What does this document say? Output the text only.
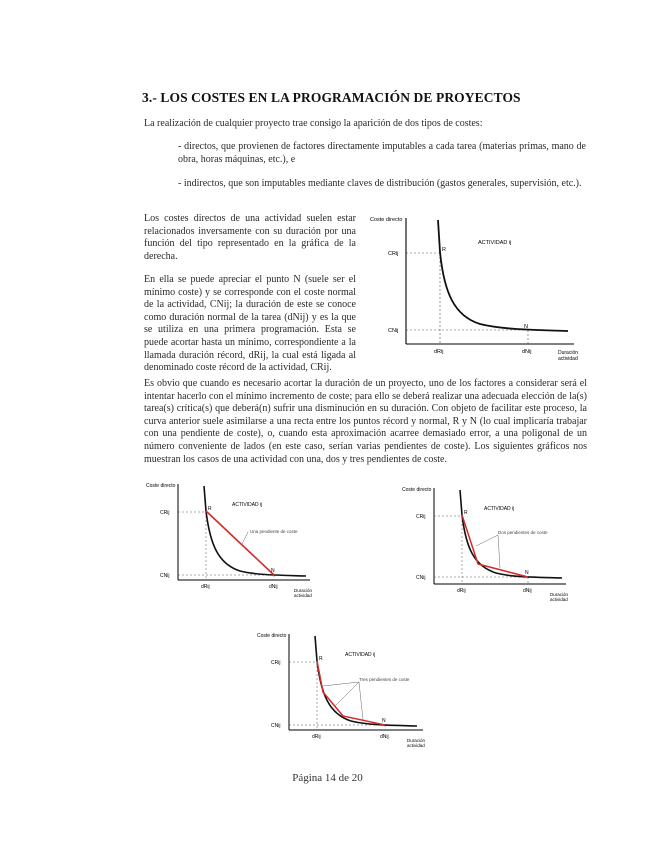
3.- LOS COSTES EN LA PROGRAMACIÓN DE PROYECTOS
La realización de cualquier proyecto trae consigo la aparición de dos tipos de costes:
- directos, que provienen de factores directamente imputables a cada tarea (materias primas, mano de obra, horas máquinas, etc.), e
- indirectos, que son imputables mediante claves de distribución (gastos generales, supervisión, etc.).
Los costes directos de una actividad suelen estar relacionados inversamente con su duración por una función del tipo representado en la gráfica de la derecha.
En ella se puede apreciar el punto N (suele ser el mínimo coste) y se corresponde con el coste normal de la actividad, CNij; la duración de este se conoce como duración normal de la tarea (dNij) y es la que se utiliza en una primera programación. Esta se puede acortar hasta un mínimo, correspondiente a la llamada duración récord, dRij, la cual está ligada al denominado coste récord de la actividad, CRij.
Es obvio que cuando es necesario acortar la duración de un proyecto, uno de los factores a considerar será el intentar hacerlo con el mínimo incremento de coste; para ello se deberá realizar una adecuada elección de la(s) tarea(s) crítica(s) que deberá(n) sufrir una disminución en su duración. Con objeto de facilitar este proceso, la curva anterior suele asimilarse a una recta entre los puntos récord y normal, R y N (lo cual implicaría trabajar con una pendiente de coste), o, cuando esta aproximación acarree demasiado error, a una poligonal de un número conveniente de lados (en este caso, serían varias pendientes de coste). Los siguientes gráficos nos muestran los casos de una actividad con una, dos y tres pendientes de coste.
Coste directo
R
N
ACTIVIDAD ij
CRij
CNij
dRij	dNij	Duración
actividad
Coste directo
Una pendiente de coste
R
N
ACTIVIDAD ij
CRij
CNij
dRij	dNij
Duración
actividad
Coste directo
Dos pendientes de coste
R
N
ACTIVIDAD ij
CRij
CNij
dRij	dNij
Duración
actividad
Coste directo
Tres pendientes de coste
R
N
ACTIVIDAD ij
CRij
CNij
dRij	dNij
Duración
actividad
Página 14 de 20
